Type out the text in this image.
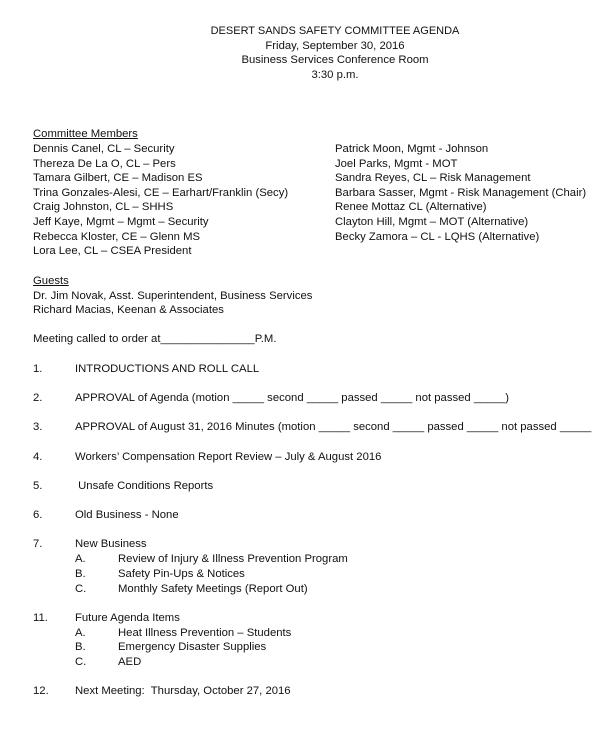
DESERT SANDS SAFETY COMMITTEE AGENDA
Friday, September 30, 2016
Business Services Conference Room
3:30 p.m.
Committee Members
Dennis Canel, CL – Security
Thereza De La O, CL – Pers
Tamara Gilbert, CE – Madison ES
Trina Gonzales-Alesi, CE – Earhart/Franklin (Secy)
Craig Johnston, CL – SHHS
Jeff Kaye, Mgmt – Mgmt – Security
Rebecca Kloster, CE – Glenn MS
Lora Lee, CL – CSEA President
Patrick Moon, Mgmt - Johnson
Joel Parks, Mgmt - MOT
Sandra Reyes, CL – Risk Management
Barbara Sasser, Mgmt - Risk Management (Chair)
Renee Mottaz CL (Alternative)
Clayton Hill, Mgmt – MOT (Alternative)
Becky Zamora – CL - LQHS (Alternative)
Guests
Dr. Jim Novak, Asst. Superintendent, Business Services
Richard Macias, Keenan & Associates
Meeting called to order at_______________P.M.
1.	INTRODUCTIONS AND ROLL CALL
2.	APPROVAL of Agenda (motion _____ second _____ passed _____ not passed _____)
3.	APPROVAL of August 31, 2016 Minutes (motion _____ second _____ passed _____ not passed _____
4.	Workers’ Compensation Report Review – July & August 2016
5.	Unsafe Conditions Reports
6.	Old Business - None
7.	New Business
A.	Review of Injury & Illness Prevention Program
B.	Safety Pin-Ups & Notices
C.	Monthly Safety Meetings (Report Out)
11. Future Agenda Items
A.	Heat Illness Prevention – Students
B.	Emergency Disaster Supplies
C.	AED
12. Next Meeting:  Thursday, October 27, 2016
